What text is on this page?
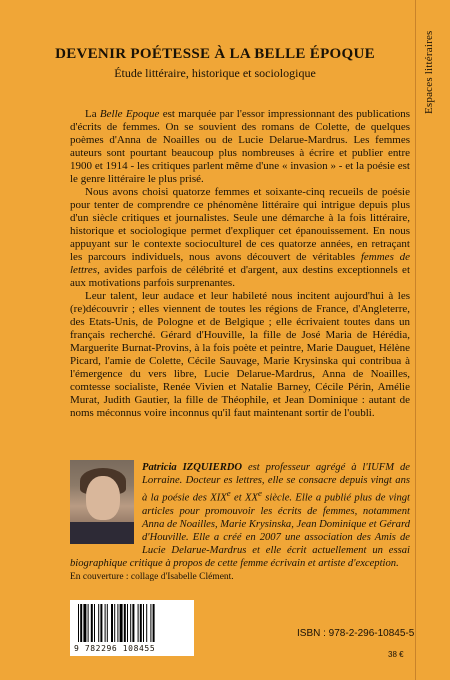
Espaces littéraires
DEVENIR POÉTESSE À LA BELLE ÉPOQUE
Étude littéraire, historique et sociologique

La Belle Epoque est marquée par l'essor impressionnant des publications d'écrits de femmes. On se souvient des romans de Colette, de quelques poèmes d'Anna de Noailles ou de Lucie Delarue-Mardrus. Les femmes auteurs sont pourtant beaucoup plus nombreuses à écrire et publier entre 1900 et 1914 - les critiques parlent même d'une « invasion » - et la poésie est le genre littéraire le plus prisé.

Nous avons choisi quatorze femmes et soixante-cinq recueils de poésie pour tenter de comprendre ce phénomène littéraire qui intrigue depuis plus d'un siècle critiques et journalistes. Seule une démarche à la fois littéraire, historique et sociologique permet d'expliquer cet épanouissement. En nous appuyant sur le contexte socioculturel de ces quatorze années, en retraçant les parcours individuels, nous avons découvert de véritables femmes de lettres, avides parfois de célébrité et d'argent, aux destins exceptionnels et aux motivations parfois surprenantes.

Leur talent, leur audace et leur habileté nous incitent aujourd'hui à les (re)découvrir ; elles viennent de toutes les régions de France, d'Angleterre, des Etats-Unis, de Pologne et de Belgique ; elle écrivaient toutes dans un français recherché. Gérard d'Houville, la fille de José Maria de Hérédia, Marguerite Burnat-Provins, à la fois poète et peintre, Marie Dauguet, Hélène Picard, l'amie de Colette, Cécile Sauvage, Marie Krysinska qui contribua à l'émergence du vers libre, Lucie Delarue-Mardrus, Anna de Noailles, comtesse socialiste, Renée Vivien et Natalie Barney, Cécile Périn, Amélie Murat, Judith Gautier, la fille de Théophile, et Jean Dominique : autant de noms méconnus voire inconnus qu'il faut maintenant sortir de l'oubli.

Patricia IZQUIERDO est professeur agrégé à l'IUFM de Lorraine. Docteur es lettres, elle se consacre depuis vingt ans à la poésie des XIXe et XXe siècle. Elle a publié plus de vingt articles pour promouvoir les écrits de femmes, notamment Anna de Noailles, Marie Krysinska, Jean Dominique et Gérard d'Houville. Elle a créé en 2007 une association des Amis de Lucie Delarue-Mardrus et elle écrit actuellement un essai biographique critique à propos de cette femme écrivain et artiste d'exception.
En couverture : collage d'Isabelle Clément.
9 782296 108455
ISBN : 978-2-296-10845-5
38 €
